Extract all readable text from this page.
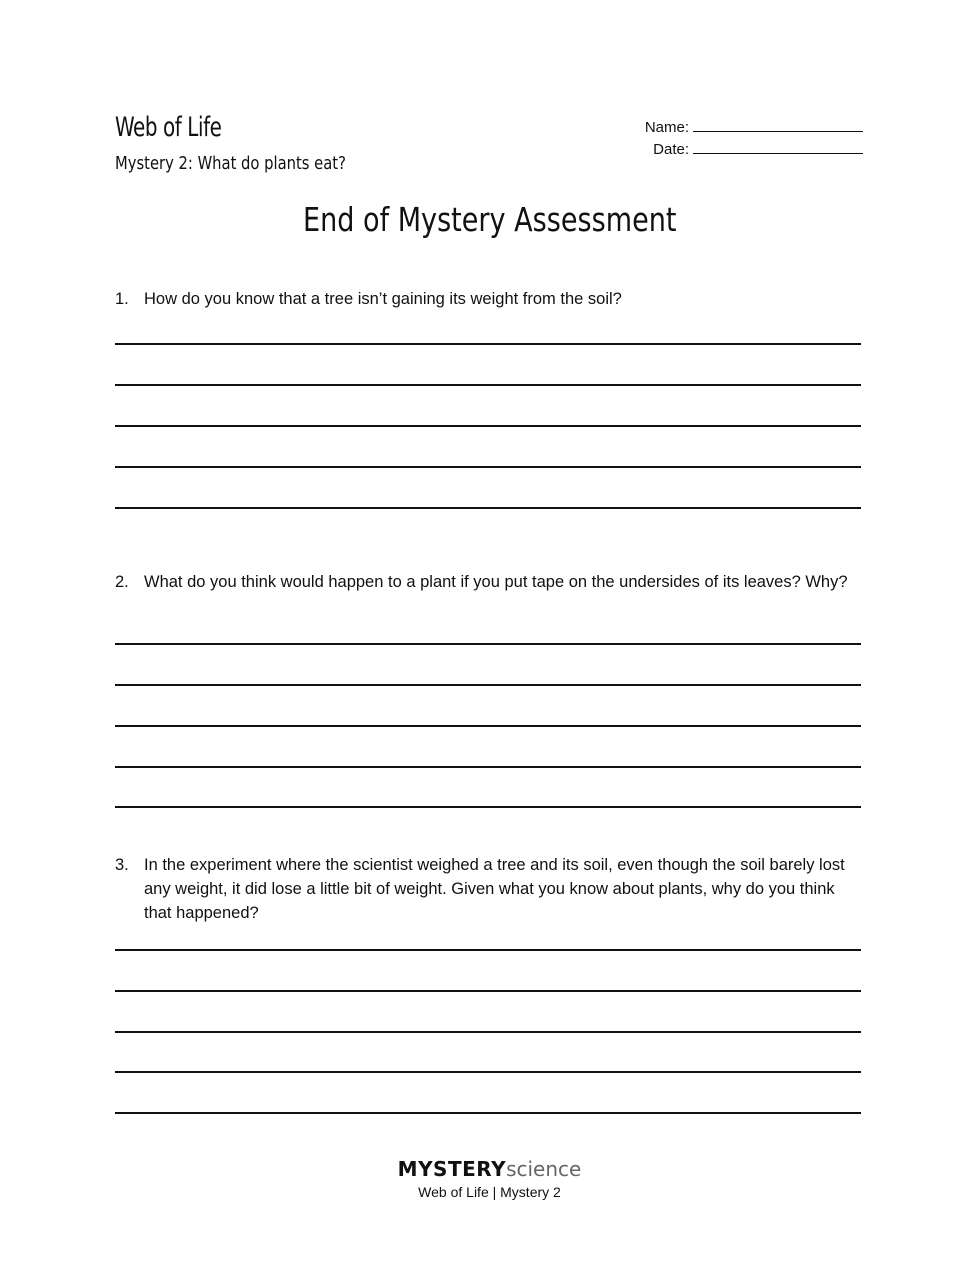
Web of Life
Mystery 2: What do plants eat?
Name:
Date:
End of Mystery Assessment
1. How do you know that a tree isn’t gaining its weight from the soil?
2. What do you think would happen to a plant if you put tape on the undersides of its leaves? Why?
3. In the experiment where the scientist weighed a tree and its soil, even though the soil barely lost any weight, it did lose a little bit of weight. Given what you know about plants, why do you think that happened?
MYSTERYscience
Web of Life | Mystery 2
